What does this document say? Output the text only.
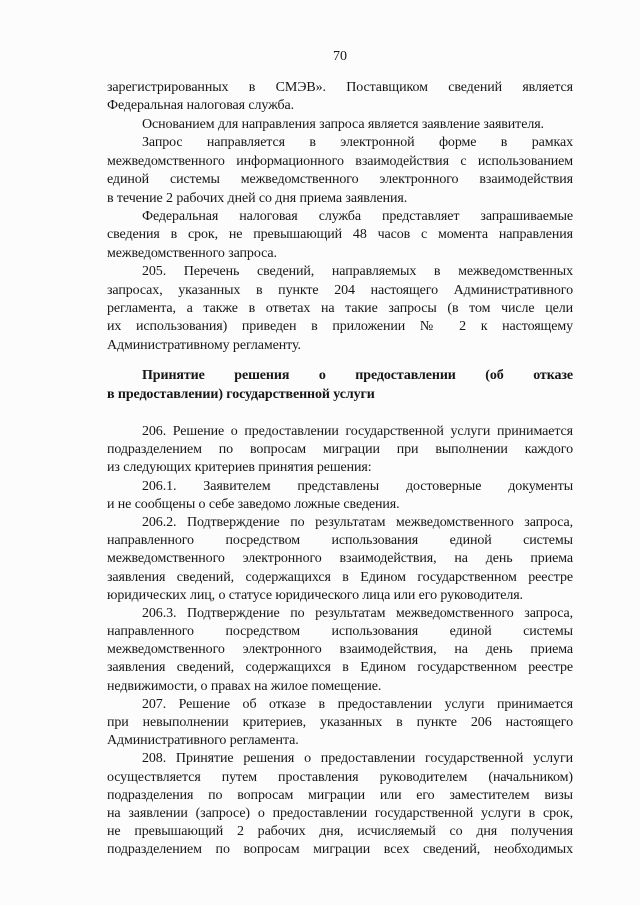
70
зарегистрированных в СМЭВ». Поставщиком сведений является
Федеральная налоговая служба.
Основанием для направления запроса является заявление заявителя.
Запрос направляется в электронной форме в рамках
межведомственного информационного взаимодействия с использованием
единой системы межведомственного электронного взаимодействия
в течение 2 рабочих дней со дня приема заявления.
Федеральная налоговая служба представляет запрашиваемые
сведения в срок, не превышающий 48 часов с момента направления
межведомственного запроса.
205. Перечень сведений, направляемых в межведомственных
запросах, указанных в пункте 204 настоящего Административного
регламента, а также в ответах на такие запросы (в том числе цели
их использования) приведен в приложении № 2 к настоящему
Административному регламенту.
Принятие решения о предоставлении (об отказе
в предоставлении) государственной услуги
206. Решение о предоставлении государственной услуги принимается
подразделением по вопросам миграции при выполнении каждого
из следующих критериев принятия решения:
206.1. Заявителем представлены достоверные документы
и не сообщены о себе заведомо ложные сведения.
206.2. Подтверждение по результатам межведомственного запроса,
направленного посредством использования единой системы
межведомственного электронного взаимодействия, на день приема
заявления сведений, содержащихся в Едином государственном реестре
юридических лиц, о статусе юридического лица или его руководителя.
206.3. Подтверждение по результатам межведомственного запроса,
направленного посредством использования единой системы
межведомственного электронного взаимодействия, на день приема
заявления сведений, содержащихся в Едином государственном реестре
недвижимости, о правах на жилое помещение.
207. Решение об отказе в предоставлении услуги принимается
при невыполнении критериев, указанных в пункте 206 настоящего
Административного регламента.
208. Принятие решения о предоставлении государственной услуги
осуществляется путем проставления руководителем (начальником)
подразделения по вопросам миграции или его заместителем визы
на заявлении (запросе) о предоставлении государственной услуги в срок,
не превышающий 2 рабочих дня, исчисляемый со дня получения
подразделением по вопросам миграции всех сведений, необходимых
